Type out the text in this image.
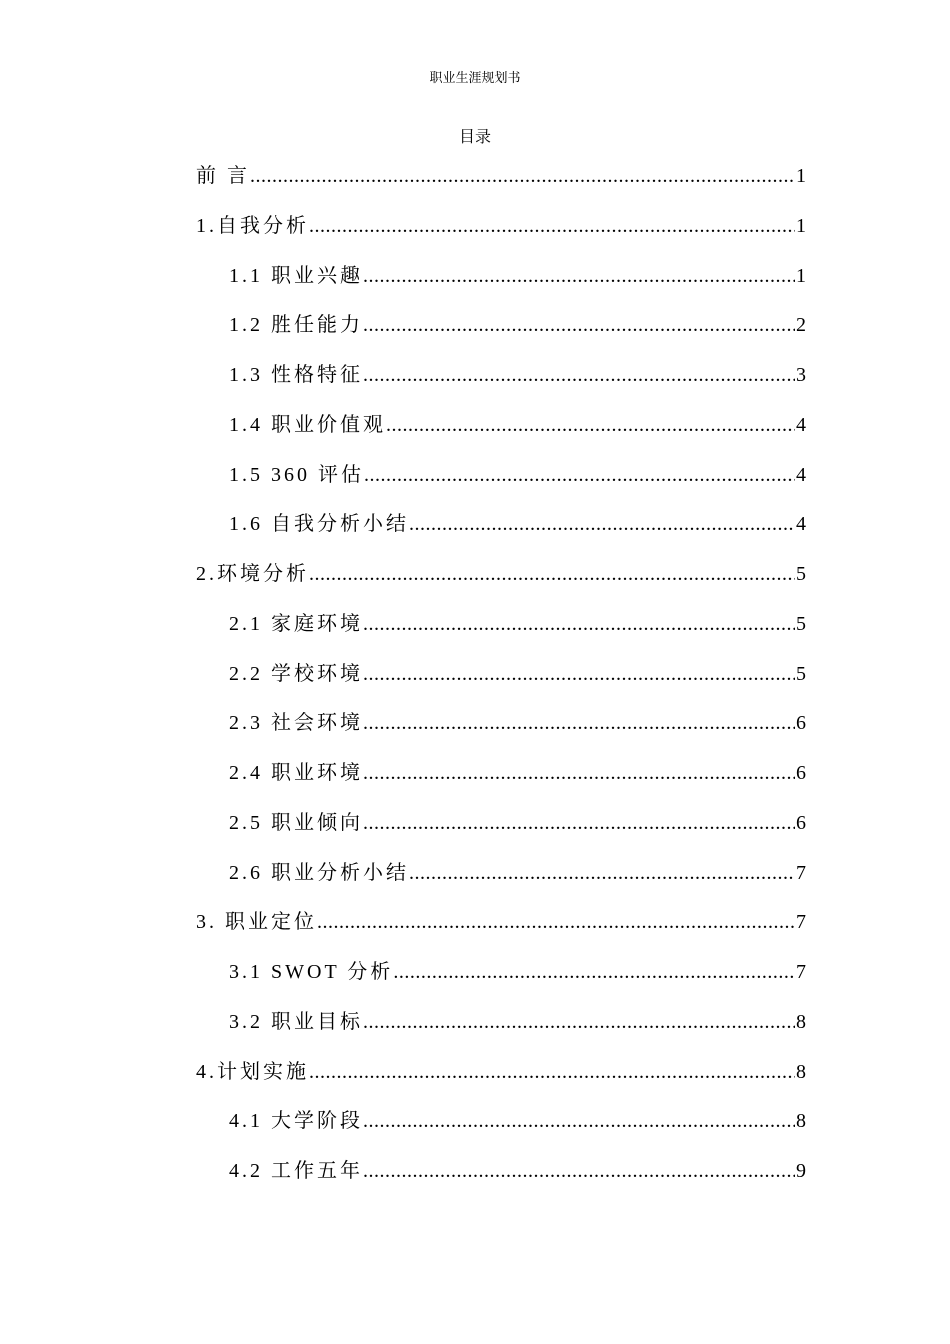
职业生涯规划书
目录
前 言 .....	1
1.自我分析 .....	1
1.1 职业兴趣 .....	1
1.2 胜任能力 .....	2
1.3 性格特征 .....	3
1.4 职业价值观 .....	4
1.5 360 评估 .....	4
1.6 自我分析小结 .....	4
2.环境分析 .....	5
2.1 家庭环境 .....	5
2.2 学校环境 .....	5
2.3 社会环境 .....	6
2.4 职业环境 .....	6
2.5 职业倾向 .....	6
2.6 职业分析小结 .....	7
3. 职业定位 .....	7
3.1 SWOT 分析 .....	7
3.2 职业目标 .....	8
4.计划实施 .....	8
4.1 大学阶段 .....	8
4.2 工作五年 .....	9
